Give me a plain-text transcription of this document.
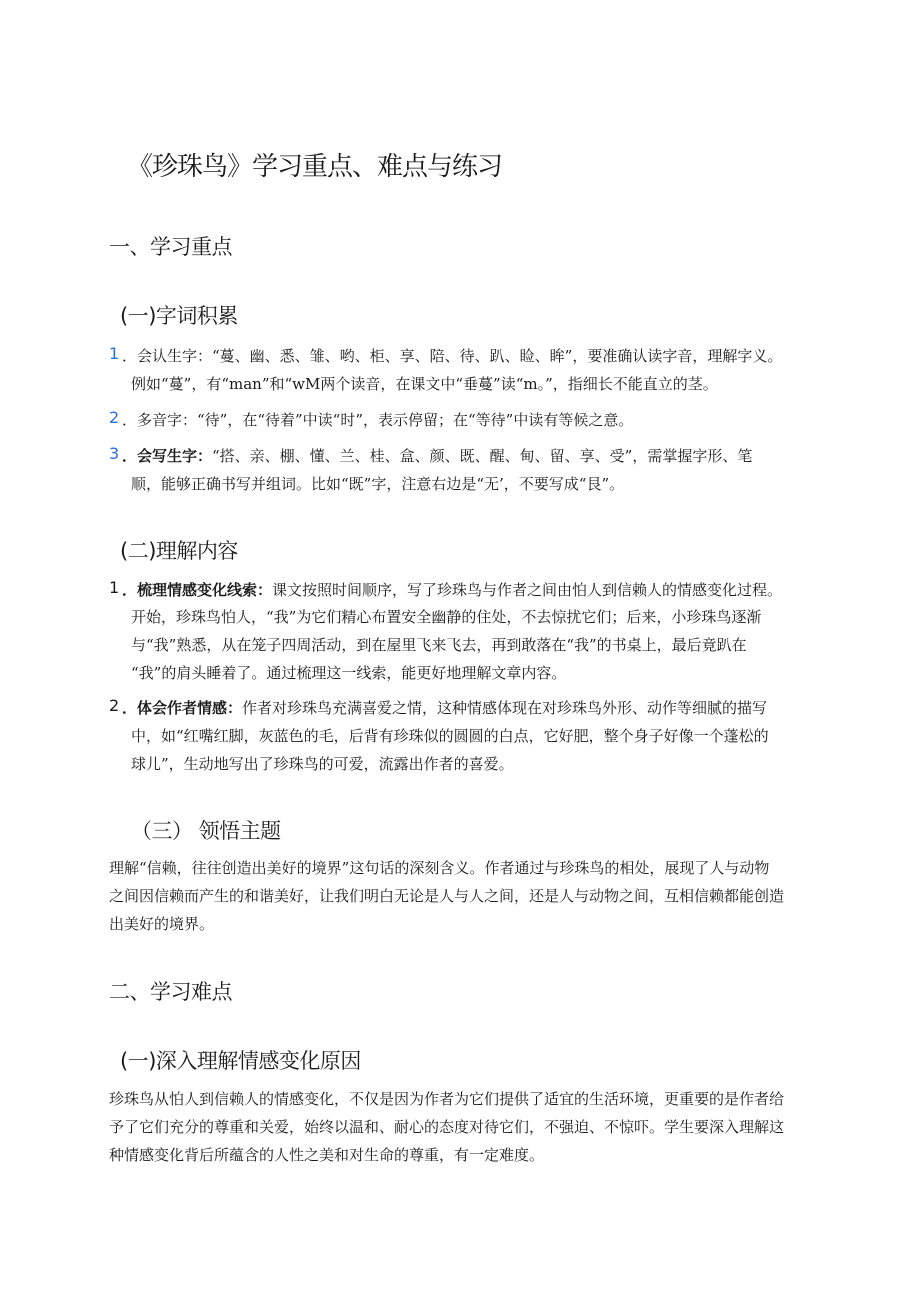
《珍珠鸟》学习重点、难点与练习
一、学习重点
(一)字词积累
1 ．会认生字：“蔓、幽、悉、雏、哟、柜、享、陪、待、趴、睑、眸”，要准确认读字音，理解字义。
例如“蔓”，有“man”和“wM两个读音，在课文中“垂蔓”读“m。”，指细长不能直立的茎。
2 ．多音字：“待”，在“待着”中读“时”，表示停留；在“等待”中读有等候之意。
3 ．会写生字：“搭、亲、棚、懂、兰、桂、盒、颜、既、醒、甸、留、享、受”，需掌握字形、笔
顺，能够正确书写并组词。比如“既”字，注意右边是“无’，不要写成“艮”。
(二)理解内容
1 ．梳理情感变化线索：课文按照时间顺序，写了珍珠鸟与作者之间由怕人到信赖人的情感变化过程。
开始，珍珠鸟怕人，“我”为它们精心布置安全幽静的住处，不去惊扰它们；后来，小珍珠鸟逐渐
与“我”熟悉，从在笼子四周活动，到在屋里飞来飞去，再到敢落在“我”的书桌上，最后竟趴在
“我”的肩头睡着了。通过梳理这一线索，能更好地理解文章内容。
2 ．体会作者情感：作者对珍珠鸟充满喜爱之情，这种情感体现在对珍珠鸟外形、动作等细腻的描写
中，如“红嘴红脚，灰蓝色的毛，后背有珍珠似的圆圆的白点，它好肥，整个身子好像一个蓬松的
球儿”，生动地写出了珍珠鸟的可爱，流露出作者的喜爱。
（三） 领悟主题
理解“信赖，往往创造出美好的境界”这句话的深刻含义。作者通过与珍珠鸟的相处，展现了人与动物
之间因信赖而产生的和谐美好，让我们明白无论是人与人之间，还是人与动物之间，互相信赖都能创造
出美好的境界。
二、学习难点
(一)深入理解情感变化原因
珍珠鸟从怕人到信赖人的情感变化，不仅是因为作者为它们提供了适宜的生活环境，更重要的是作者给
予了它们充分的尊重和关爱，始终以温和、耐心的态度对待它们，不强迫、不惊吓。学生要深入理解这
种情感变化背后所蕴含的人性之美和对生命的尊重，有一定难度。
